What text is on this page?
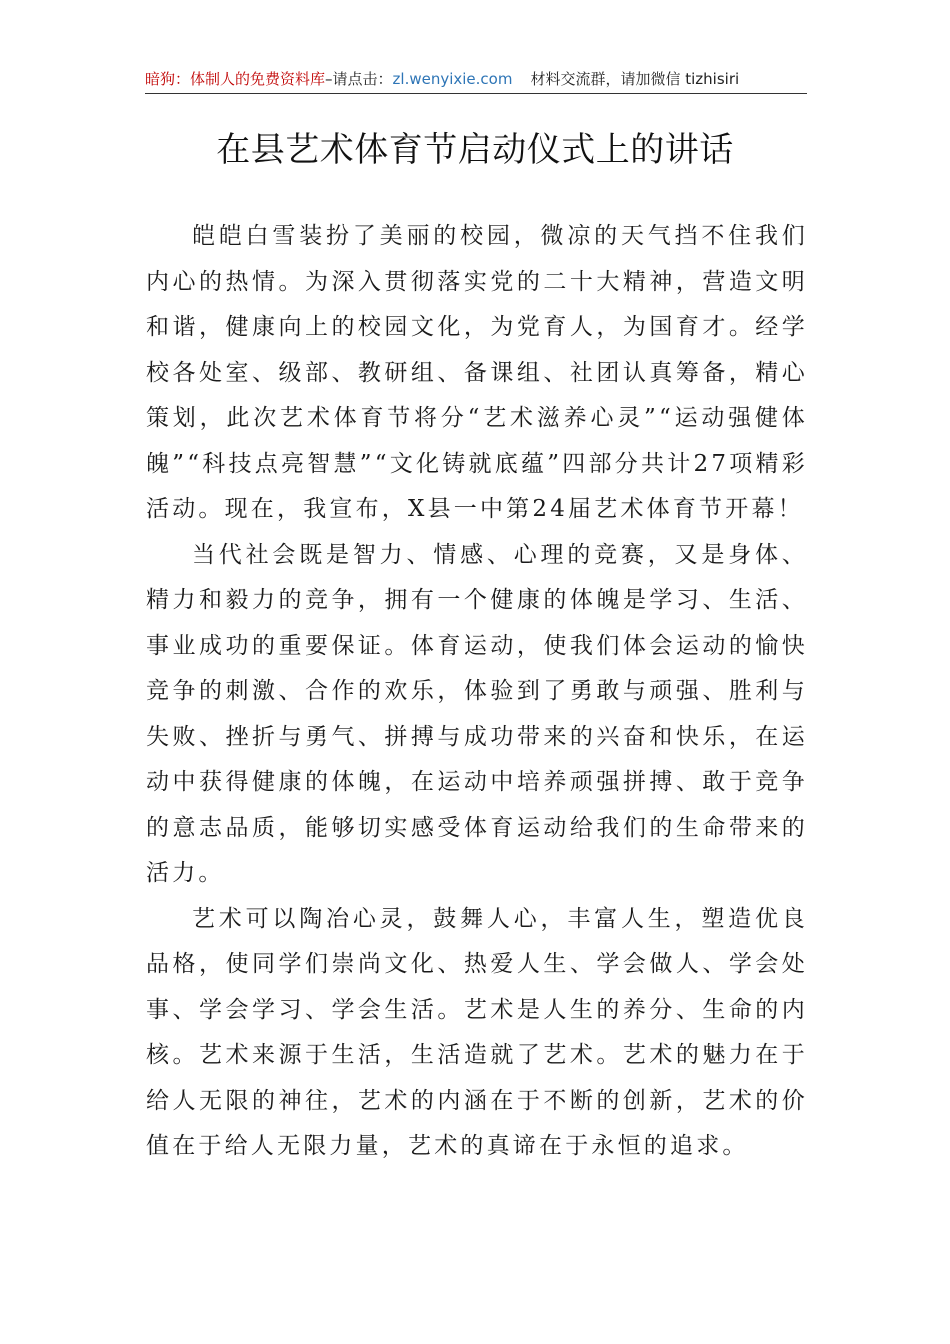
暗狗：体制人的免费资料库–请点击：zl.wenyixie.com 材料交流群，请加微信 tizhisiri
在县艺术体育节启动仪式上的讲话

皑皑白雪装扮了美丽的校园，微凉的天气挡不住我们内心的热情。为深入贯彻落实党的二十大精神，营造文明和谐，健康向上的校园文化，为党育人，为国育才。经学校各处室、级部、教研组、备课组、社团认真筹备，精心策划，此次艺术体育节将分“艺术滋养心灵”“运动强健体魄”“科技点亮智慧”“文化铸就底蕴”四部分共计27项精彩活动。现在，我宣布，X县一中第24届艺术体育节开幕！

当代社会既是智力、情感、心理的竞赛，又是身体、精力和毅力的竞争，拥有一个健康的体魄是学习、生活、事业成功的重要保证。体育运动，使我们体会运动的愉快竞争的刺激、合作的欢乐，体验到了勇敢与顽强、胜利与失败、挫折与勇气、拼搏与成功带来的兴奋和快乐，在运动中获得健康的体魄，在运动中培养顽强拼搏、敢于竞争的意志品质，能够切实感受体育运动给我们的生命带来的活力。

艺术可以陶冶心灵，鼓舞人心，丰富人生，塑造优良品格，使同学们崇尚文化、热爱人生、学会做人、学会处事、学会学习、学会生活。艺术是人生的养分、生命的内核。艺术来源于生活，生活造就了艺术。艺术的魅力在于给人无限的神往，艺术的内涵在于不断的创新，艺术的价值在于给人无限力量，艺术的真谛在于永恒的追求。
